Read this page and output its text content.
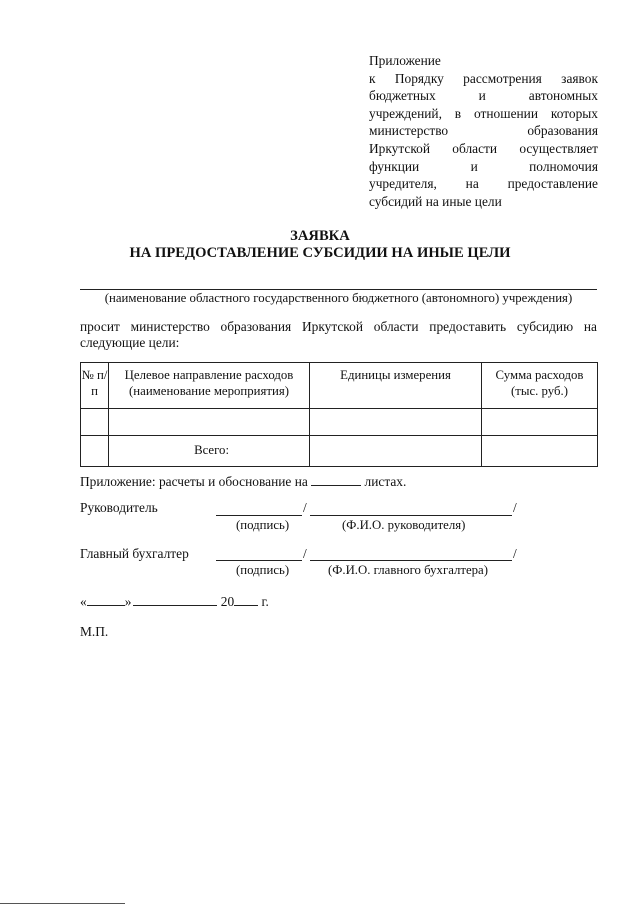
Приложение
к Порядку рассмотрения заявок
бюджетных и автономных
учреждений, в отношении которых
министерство образования
Иркутской области осуществляет
функции и полномочия
учредителя, на предоставление
субсидий на иные цели
ЗАЯВКА
НА ПРЕДОСТАВЛЕНИЕ СУБСИДИИ НА ИНЫЕ ЦЕЛИ
(наименование областного государственного бюджетного (автономного) учреждения)
просит министерство образования Иркутской области предоставить субсидию на
следующие цели:
№ п/п	Целевое направление расходов (наименование мероприятия)	Единицы измерения	Сумма расходов (тыс. руб.)

	Всего:		
Приложение: расчеты и обоснование на	листах.
Руководитель	/	/
(подпись)	(Ф.И.О. руководителя)
Главный бухгалтер	/	/
(подпись)	(Ф.И.О. главного бухгалтера)
«	»	20 г.
М.П.
